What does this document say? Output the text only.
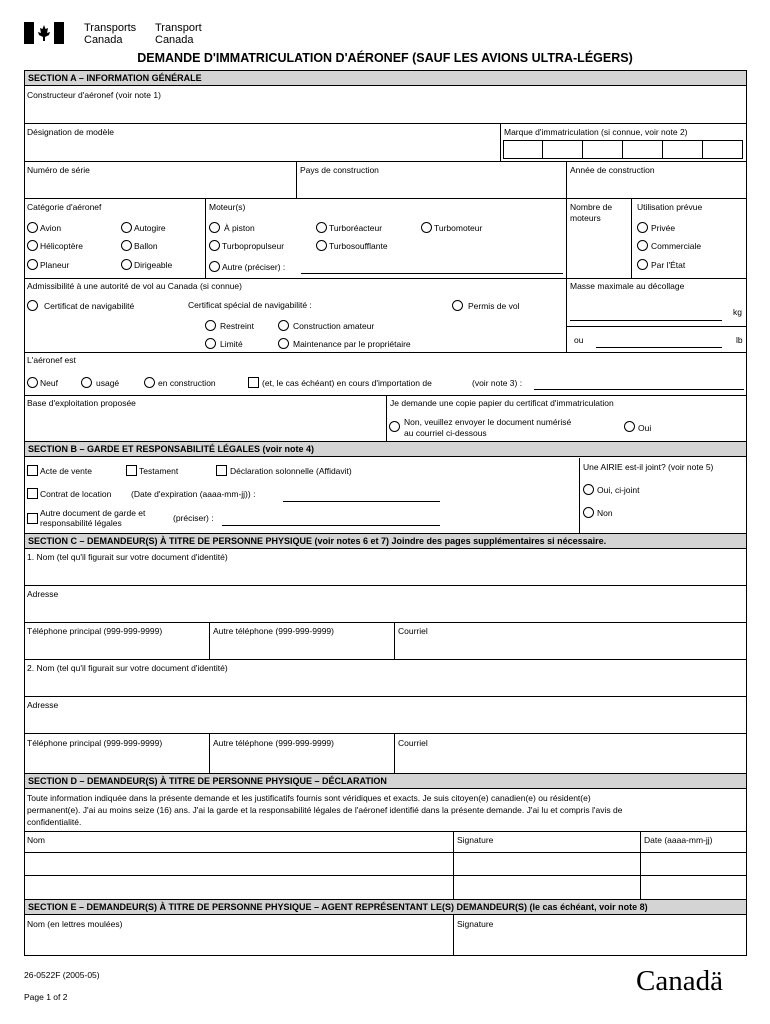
Transports
Canada
Transport
Canada
DEMANDE D'IMMATRICULATION D'AÉRONEF (SAUF LES AVIONS ULTRA-LÉGERS)
SECTION A – INFORMATION GÉNÉRALE
Constructeur d'aéronef (voir note 1)
Désignation de modèle	Marque d'immatriculation (si connue, voir note 2)
Numéro de série	Pays de construction	Année de construction
Catégorie d'aéronef
Avion	Autogire
Hélicoptère	Ballon
Planeur	Dirigeable
Moteur(s)
À piston	Turboréacteur	Turbomoteur
Turbopropulseur	Turbosoufflante
Autre (préciser) :
Nombre de
moteurs
Utilisation prévue
Privée
Commerciale
Par l'État
Admissibilité à une autorité de vol au Canada (si connue)
Certificat de navigabilité	Certificat spécial de navigabilité :	Permis de vol
Restreint	Construction amateur
Limité	Maintenance par le propriétaire
Masse maximale au décollage
kg
ou	lb
L'aéronef est
Neuf	usagé	en construction	(et, le cas échéant) en cours d'importation de	(voir note 3) :
Base d'exploitation proposée	Je demande une copie papier du certificat d'immatriculation
Non, veuillez envoyer le document numérisé
au courriel ci-dessous	Oui
SECTION B – GARDE ET RESPONSABILITÉ LÉGALES (voir note 4)
Acte de vente	Testament	Déclaration solonnelle (Affidavit)
Contrat de location (Date d'expiration (aaaa-mm-jj)) :
Autre document de garde et
responsabilité légales	(préciser) :
Une AIRIE est-il joint? (voir note 5)
Oui, ci-joint
Non
SECTION C – DEMANDEUR(S) À TITRE DE PERSONNE PHYSIQUE (voir notes 6 et 7) Joindre des pages supplémentaires si nécessaire.
1. Nom (tel qu'il figurait sur votre document d'identité)
Adresse
Téléphone principal (999-999-9999)	Autre téléphone (999-999-9999)	Courriel
2. Nom (tel qu'il figurait sur votre document d'identité)
Adresse
Téléphone principal (999-999-9999)	Autre téléphone (999-999-9999)	Courriel
SECTION D – DEMANDEUR(S) À TITRE DE PERSONNE PHYSIQUE – DÉCLARATION
Toute information indiquée dans la présente demande et les justificatifs fournis sont véridiques et exacts. Je suis citoyen(e) canadien(e) ou résident(e)
permanent(e). J'ai au moins seize (16) ans. J'ai la garde et la responsabilité légales de l'aéronef identifié dans la présente demande. J'ai lu et compris l'avis de
confidentialité.
Nom	Signature	Date (aaaa-mm-jj)
SECTION E – DEMANDEUR(S) À TITRE DE PERSONNE PHYSIQUE – AGENT REPRÉSENTANT LE(S) DEMANDEUR(S) (le cas échéant, voir note 8)
Nom (en lettres moulées)	Signature
26-0522F (2005-05)
Page 1 of 2	Canadä
